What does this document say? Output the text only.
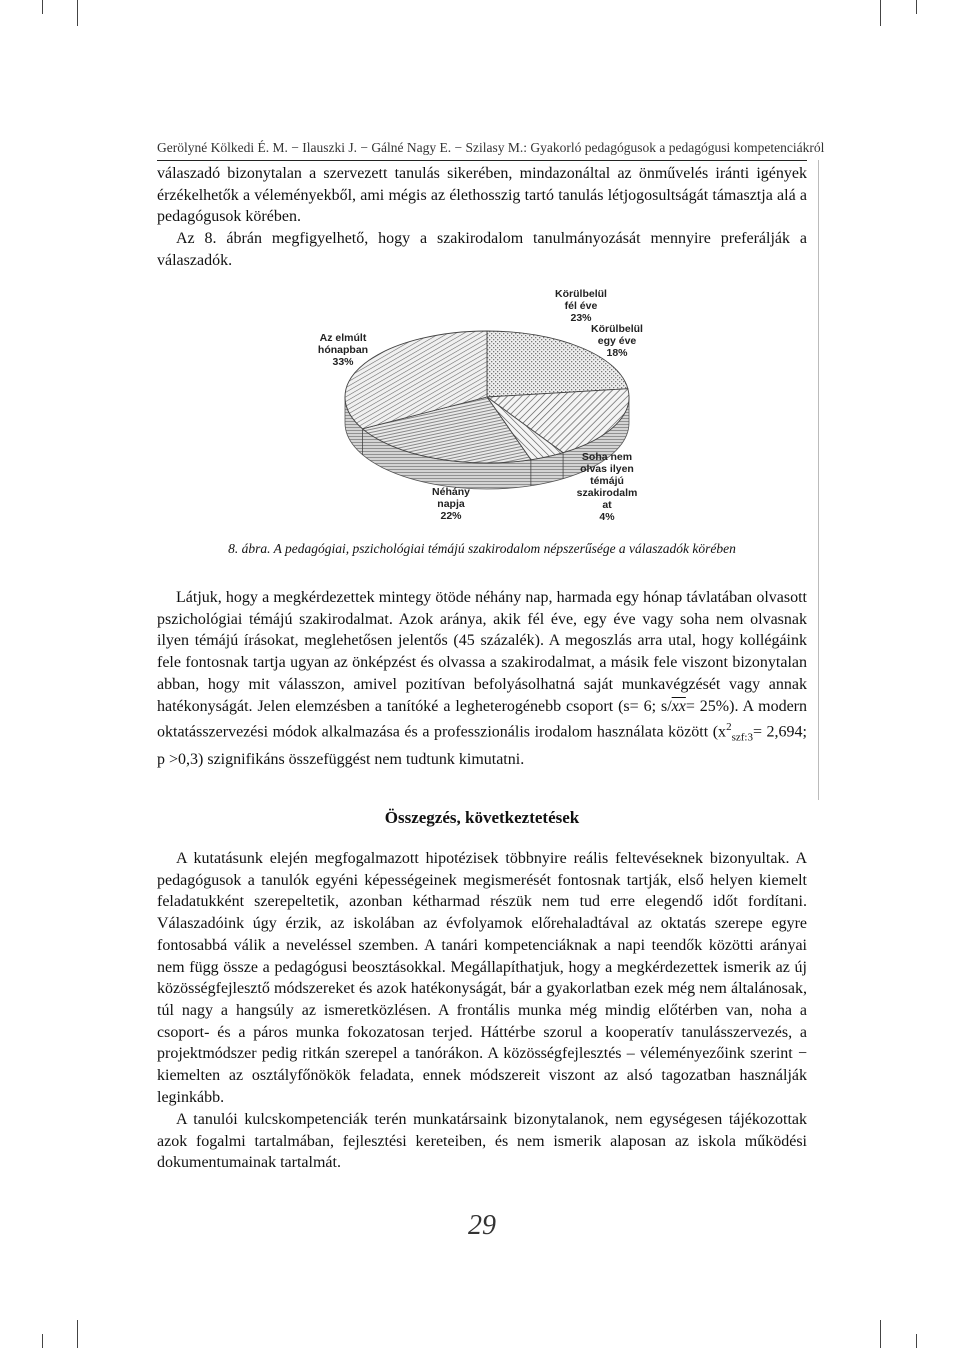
Gerölyné Kölkedi É. M. − Ilauszki J. − Gálné Nagy E. − Szilasy M.: Gyakorló pedagógusok a pedagógusi kompetenciákról

válaszadó bizonytalan a szervezett tanulás sikerében, mindazonáltal az önművelés iránti igények érzékelhetők a véleményekből, ami mégis az élethosszig tartó tanulás létjogosultságát támasztja alá a pedagógusok körében.

Az 8. ábrán megfigyelhető, hogy a szakirodalom tanulmányozását mennyire preferálják a válaszadók.

Körülbelül
fél éve
23%
Körülbelül
egy éve
18%
Az elmúlt
hónapban
33%
Néhány
napja
22%
Soha nem
olvas ilyen
témájú
szakirodalm
at
4%
8. ábra. A pedagógiai, pszichológiai témájú szakirodalom népszerűsége a válaszadók körében

Látjuk, hogy a megkérdezettek mintegy ötöde néhány nap, harmada egy hónap távlatában olvasott pszichológiai témájú szakirodalmat. Azok aránya, akik fél éve, egy éve vagy soha nem olvasnak ilyen témájú írásokat, meglehetősen jelentős (45 százalék). A megoszlás arra utal, hogy kollégáink fele fontosnak tartja ugyan az önképzést és olvassa a szakirodalmat, a másik fele viszont bizonytalan abban, hogy mit válasszon, amivel pozitívan befolyásolhatná saját munkavégzését vagy annak hatékonyságát. Jelen elemzésben a tanítóké a legheterogénebb csoport (s= 6; $s/\overline{xx}= 25\%$). A modern oktatásszervezési módok alkalmazása és a professzionális irodalom használata között ($x^2_{szf:3}= 2,694$; p >0,3) szignifikáns összefüggést nem tudtunk kimutatni.

Összegzés, következtetések

A kutatásunk elején megfogalmazott hipotézisek többnyire reális feltevéseknek bizonyultak. A pedagógusok a tanulók egyéni képességeinek megismerését fontosnak tartják, első helyen kiemelt feladatukként szerepeltetik, azonban kétharmad részük nem tud erre elegendő időt fordítani. Válaszadóink úgy érzik, az iskolában az évfolyamok előrehaladtával az oktatás szerepe egyre fontosabbá válik a neveléssel szemben. A tanári kompetenciáknak a napi teendők közötti arányai nem függ össze a pedagógusi beosztásokkal. Megállapíthatjuk, hogy a megkérdezettek ismerik az új közösségfejlesztő módszereket és azok hatékonyságát, bár a gyakorlatban ezek még nem általánosak, túl nagy a hangsúly az ismeretközlésen. A frontális munka még mindig előtérben van, noha a csoport- és a páros munka fokozatosan terjed. Háttérbe szorul a kooperatív tanulásszervezés, a projektmódszer pedig ritkán szerepel a tanórákon. A közösségfejlesztés – véleményezőink szerint − kiemelten az osztályfőnökök feladata, ennek módszereit viszont az alsó tagozatban használják leginkább.

A tanulói kulcskompetenciák terén munkatársaink bizonytalanok, nem egységesen tájékozottak azok fogalmi tartalmában, fejlesztési kereteiben, és nem ismerik alaposan az iskola működési dokumentumainak tartalmát.

29
